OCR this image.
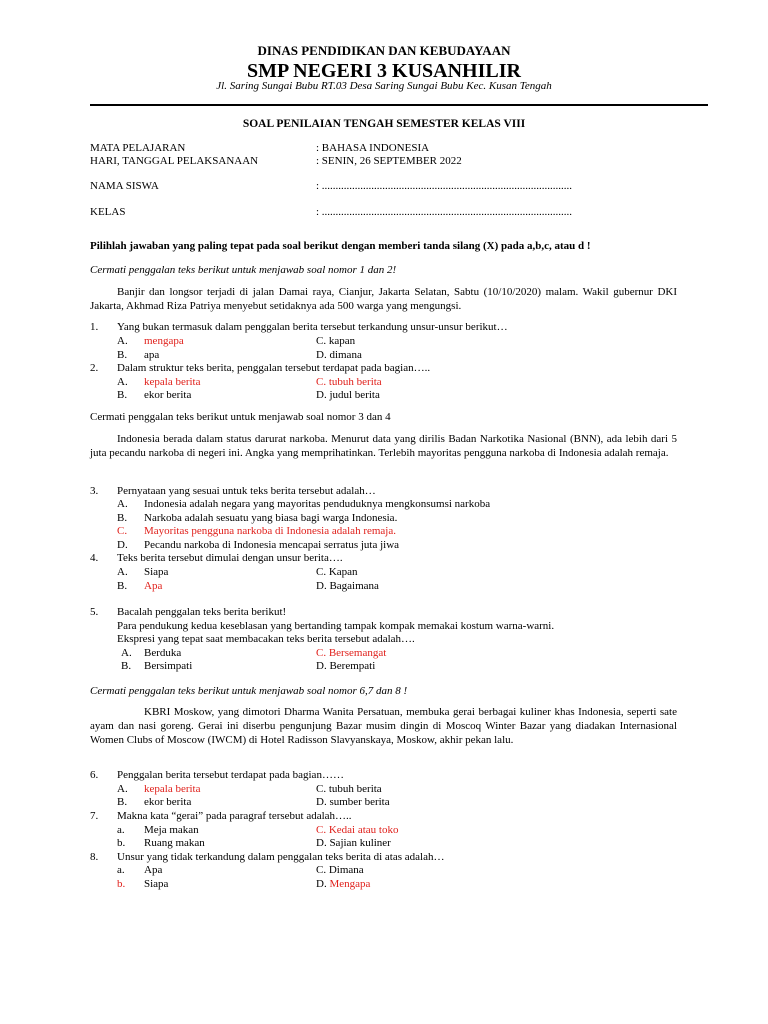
DINAS PENDIDIKAN DAN KEBUDAYAAN
SMP NEGERI 3 KUSANHILIR
Jl. Saring Sungai Bubu RT.03 Desa Saring Sungai Bubu Kec. Kusan Tengah
SOAL PENILAIAN TENGAH SEMESTER KELAS VIII
MATA PELAJARAN	: BAHASA INDONESIA
HARI, TANGGAL PELAKSANAAN	: SENIN, 26 SEPTEMBER 2022
NAMA SISWA	: ...........................................................................................
KELAS	: ...........................................................................................
Pilihlah jawaban yang paling tepat pada soal berikut dengan memberi tanda silang (X) pada a,b,c, atau d !
Cermati penggalan teks berikut untuk menjawab soal nomor 1 dan 2!
Banjir dan longsor terjadi di jalan Damai raya, Cianjur, Jakarta Selatan, Sabtu (10/10/2020) malam. Wakil gubernur DKI Jakarta, Akhmad Riza Patriya menyebut setidaknya ada 500 warga yang mengungsi.
1. Yang bukan termasuk dalam penggalan berita tersebut terkandung unsur-unsur berikut…
A. mengapa	C. kapan
B. apa	D. dimana
2. Dalam struktur teks berita, penggalan tersebut terdapat pada bagian…..
A. kepala berita	C. tubuh berita
B. ekor berita	D. judul berita
Cermati penggalan teks berikut untuk menjawab soal nomor 3 dan 4
Indonesia berada dalam status darurat narkoba. Menurut data yang dirilis Badan Narkotika Nasional (BNN), ada lebih dari 5 juta pecandu narkoba di negeri ini. Angka yang memprihatinkan. Terlebih mayoritas pengguna narkoba di Indonesia adalah remaja.
3. Pernyataan yang sesuai untuk teks berita tersebut adalah…
A. Indonesia adalah negara yang mayoritas penduduknya mengkonsumsi narkoba
B. Narkoba adalah sesuatu yang biasa bagi warga Indonesia.
C. Mayoritas pengguna narkoba di Indonesia adalah remaja.
D. Pecandu narkoba di Indonesia mencapai serratus juta jiwa
4. Teks berita tersebut dimulai dengan unsur berita….
A. Siapa	C. Kapan
B. Apa	D. Bagaimana
5. Bacalah penggalan teks berita berikut!
Para pendukung kedua keseblasan yang bertanding tampak kompak memakai kostum warna-warni.
Ekspresi yang tepat saat membacakan teks berita tersebut adalah….
A. Berduka	C. Bersemangat
B. Bersimpati	D. Berempati
Cermati penggalan teks berikut untuk menjawab soal nomor 6,7 dan 8 !
KBRI Moskow, yang dimotori Dharma Wanita Persatuan, membuka gerai berbagai kuliner khas Indonesia, seperti sate ayam dan nasi goreng. Gerai ini diserbu pengunjung Bazar musim dingin di Moscoq Winter Bazar yang diadakan Internasional Women Clubs of Moscow (IWCM) di Hotel Radisson Slavyanskaya, Moskow, akhir pekan lalu.
6. Penggalan berita tersebut terdapat pada bagian……
A. kepala berita	C. tubuh berita
B. ekor berita	D. sumber berita
7. Makna kata “gerai” pada paragraf tersebut adalah…..
a. Meja makan	C. Kedai atau toko
b. Ruang makan	D. Sajian kuliner
8. Unsur yang tidak terkandung dalam penggalan teks berita di atas adalah…
a. Apa	C. Dimana
b. Siapa	D. Mengapa
